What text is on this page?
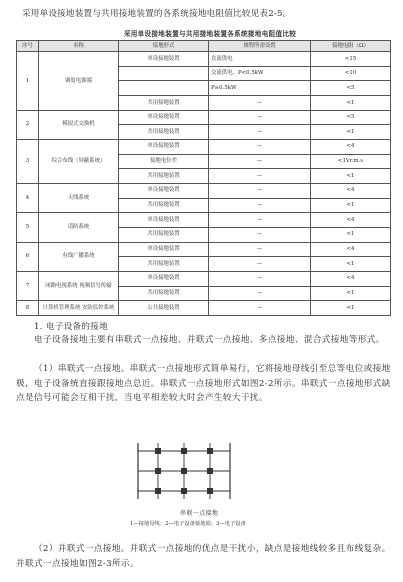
采用单设接地装置与共用接地装置的各系统接地电阻值比较见表2-5。
采用单设接地装置与共用接地装置各系统接地电阻值比较
序号	名称	接地形式	规程所需设置	接地电阻（Ω）
1	调度电源端	单设接地装置	直流供电	<15
			交流供电，P<0.5kW	<10
			P≥0.5kW	<5
		共用接地装置	—	<1
2	模拟式交换机	单设接地装置	—	<5
		共用接地装置	—	<1
3	综合布线（屏蔽系统）	单设接地装置	—	<4
		接地电位差	—	<1Vr.m.s
		共用接地装置	—	<1
4	天线系统	单设接地装置	—	<4
		共用接地装置	—	<1
5	请防系统	单设接地装置	—	<4
		共用接地装置	—	<1
6	有线广播系统	单设接地装置	—	<4
		共用接地装置	—	<1
7	闭路电视系统 视频信号传输	单设接地装置	—	<4
		共用接地装置	—	<1
8	计算机管理系统 安防监控系统	公共接地装置	—	<1
1. 电子设备的接地
电子设备接地主要有串联式一点接地、并联式一点接地、多点接地、混合式接地等形式。
（1）串联式一点接地。串联式一点接地形式简单易行，它将接地母线引至总等电位或接地极，电子设备统直接跟接地点总近。串联式一点接地形式如图2-2所示。串联式一点接地形式缺点是信号可能会互相干扰，当电平相差较大时会产生较大干扰。
串联一点接地
1—接地母线；2—电子设备接地端；3—电子设备
（2）并联式一点接地。并联式一点接地的优点是干扰小，缺点是接地线较多且布线复杂。并联式一点接地如图2-3所示。
